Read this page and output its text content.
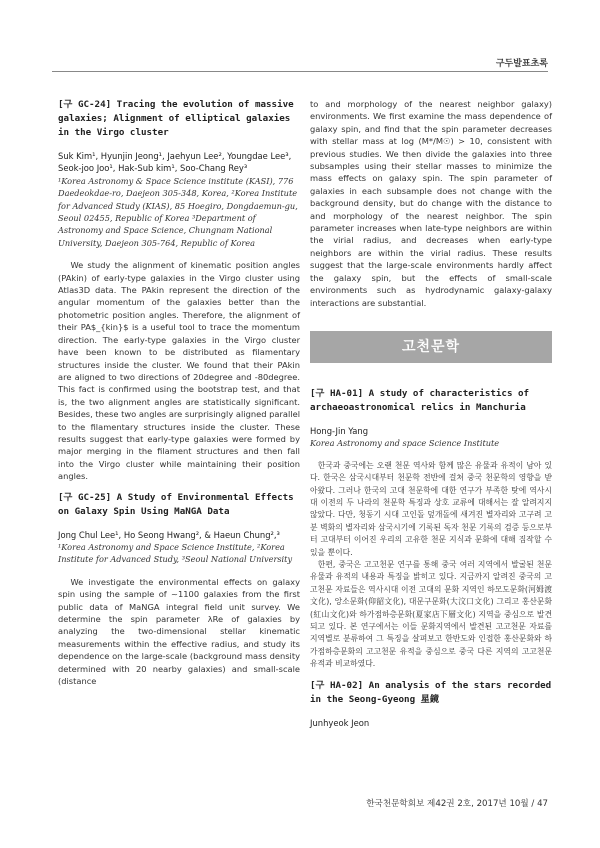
구두발표초록

[구 GC-24] Tracing the evolution of massive galaxies; Alignment of elliptical galaxies in the Virgo cluster

Suk Kim¹, Hyunjin Jeong¹, Jaehyun Lee², Youngdae Lee³, Seok-joo Joo¹, Hak-Sub kim¹, Soo-Chang Rey³

¹Korea Astronomy & Space Science institute (KASI), 776 Daedeokdae-ro, Daejeon 305-348, Korea, ²Korea Institute for Advanced Study (KIAS), 85 Hoegiro, Dongdaemun-gu, Seoul 02455, Republic of Korea ³Department of Astronomy and Space Science, Chungnam National University, Daejeon 305-764, Republic of Korea

We study the alignment of kinematic position angles (PAkin) of early-type galaxies in the Virgo cluster using Atlas3D data. The PAkin represent the direction of the angular momentum of the galaxies better than the photometric position angles. Therefore, the alignment of their PA$_{kin}$ is a useful tool to trace the momentum direction. The early-type galaxies in the Virgo cluster have been known to be distributed as filamentary structures inside the cluster. We found that their PAkin are aligned to two directions of 20degree and -80degree. This fact is confirmed using the bootstrap test, and that is, the two alignment angles are statistically significant. Besides, these two angles are surprisingly aligned parallel to the filamentary structures inside the cluster. These results suggest that early-type galaxies were formed by major merging in the filament structures and then fall into the Virgo cluster while maintaining their position angles.

[구 GC-25] A Study of Environmental Effects on Galaxy Spin Using MaNGA Data

Jong Chul Lee¹, Ho Seong Hwang², & Haeun Chung²,³

¹Korea Astronomy and Space Science Institute, ²Korea Institute for Advanced Study, ³Seoul National University

We investigate the environmental effects on galaxy spin using the sample of ~1100 galaxies from the first public data of MaNGA integral field unit survey. We determine the spin parameter λRe of galaxies by analyzing the two-dimensional stellar kinematic measurements within the effective radius, and study its dependence on the large-scale (background mass density determined with 20 nearby galaxies) and small-scale (distance

to and morphology of the nearest neighbor galaxy) environments. We first examine the mass dependence of galaxy spin, and find that the spin parameter decreases with stellar mass at log (M*/M☉) > 10, consistent with previous studies. We then divide the galaxies into three subsamples using their stellar masses to minimize the mass effects on galaxy spin. The spin parameter of galaxies in each subsample does not change with the background density, but do change with the distance to and morphology of the nearest neighbor. The spin parameter increases when late-type neighbors are within the virial radius, and decreases when early-type neighbors are within the virial radius. These results suggest that the large-scale environments hardly affect the galaxy spin, but the effects of small-scale environments such as hydrodynamic galaxy-galaxy interactions are substantial.

고천문학

[구 HA-01] A study of characteristics of archaeoastronomical relics in Manchuria

Hong-Jin Yang

Korea Astronomy and space Science Institute

한국과 중국에는 오랜 천문 역사와 함께 많은 유물과 유적이 남아 있다. 한국은 삼국시대부터 천문학 전반에 걸쳐 중국 천문학의 영향을 받아왔다. 그러나 한국의 고대 천문학에 대한 연구가 부족한 탓에 역사시대 이전의 두 나라의 천문학 특징과 상호 교류에 대해서는 잘 알려지지 않았다. 다만, 청동기 시대 고인돌 덮개돌에 새겨진 별자리와 고구려 고분 벽화의 별자리와 삼국시기에 기록된 독자 천문 기록의 검증 등으로부터 고대부터 이어진 우리의 고유한 천문 지식과 문화에 대해 짐작할 수 있을 뿐이다.

한편, 중국은 고고천문 연구를 통해 중국 여러 지역에서 발굴된 천문유물과 유적의 내용과 특징을 밝히고 있다. 지금까지 알려진 중국의 고고천문 자료들은 역사시대 이전 고대의 문화 지역인 하모도문화(河姆渡文化), 앙소문화(仰韶文化), 대문구문화(大汶口文化) 그리고 홍산문화(紅山文化)와 하가점하층문화(夏家店下層文化) 지역을 중심으로 발견되고 있다. 본 연구에서는 이들 문화지역에서 발견된 고고천문 자료를 지역별로 분류하여 그 특징을 살펴보고 한반도와 인접한 홍산문화와 하가점하층문화의 고고천문 유적을 중심으로 중국 다른 지역의 고고천문 유적과 비교하였다.

[구 HA-02] An analysis of the stars recorded in the Seong-Gyeong 星鏡

Junhyeok Jeon

한국천문학회보 제42권 2호, 2017년 10월 / 47
